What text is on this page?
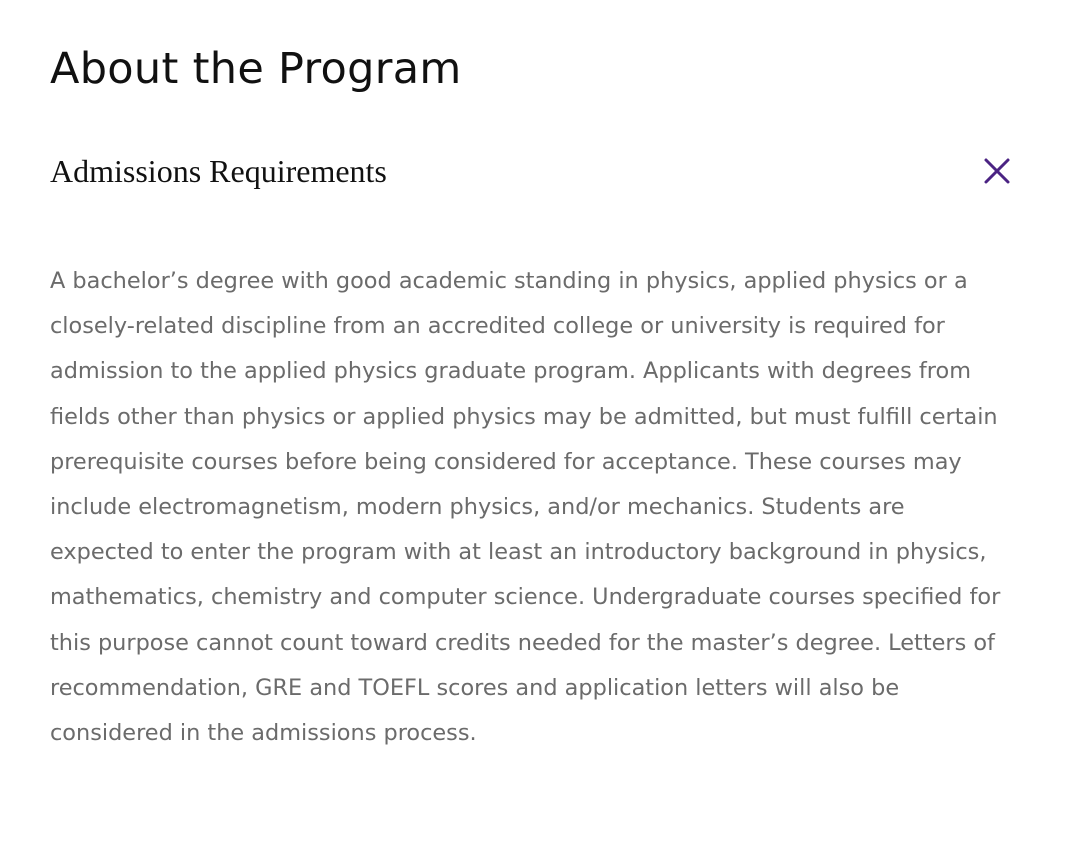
About the Program
Admissions Requirements

A bachelor’s degree with good academic standing in physics, applied physics or a closely-related discipline from an accredited college or university is required for admission to the applied physics graduate program. Applicants with degrees from fields other than physics or applied physics may be admitted, but must fulfill certain prerequisite courses before being considered for acceptance. These courses may include electromagnetism, modern physics, and/or mechanics. Students are expected to enter the program with at least an introductory background in physics, mathematics, chemistry and computer science. Undergraduate courses specified for this purpose cannot count toward credits needed for the master’s degree. Letters of recommendation, GRE and TOEFL scores and application letters will also be considered in the admissions process.
